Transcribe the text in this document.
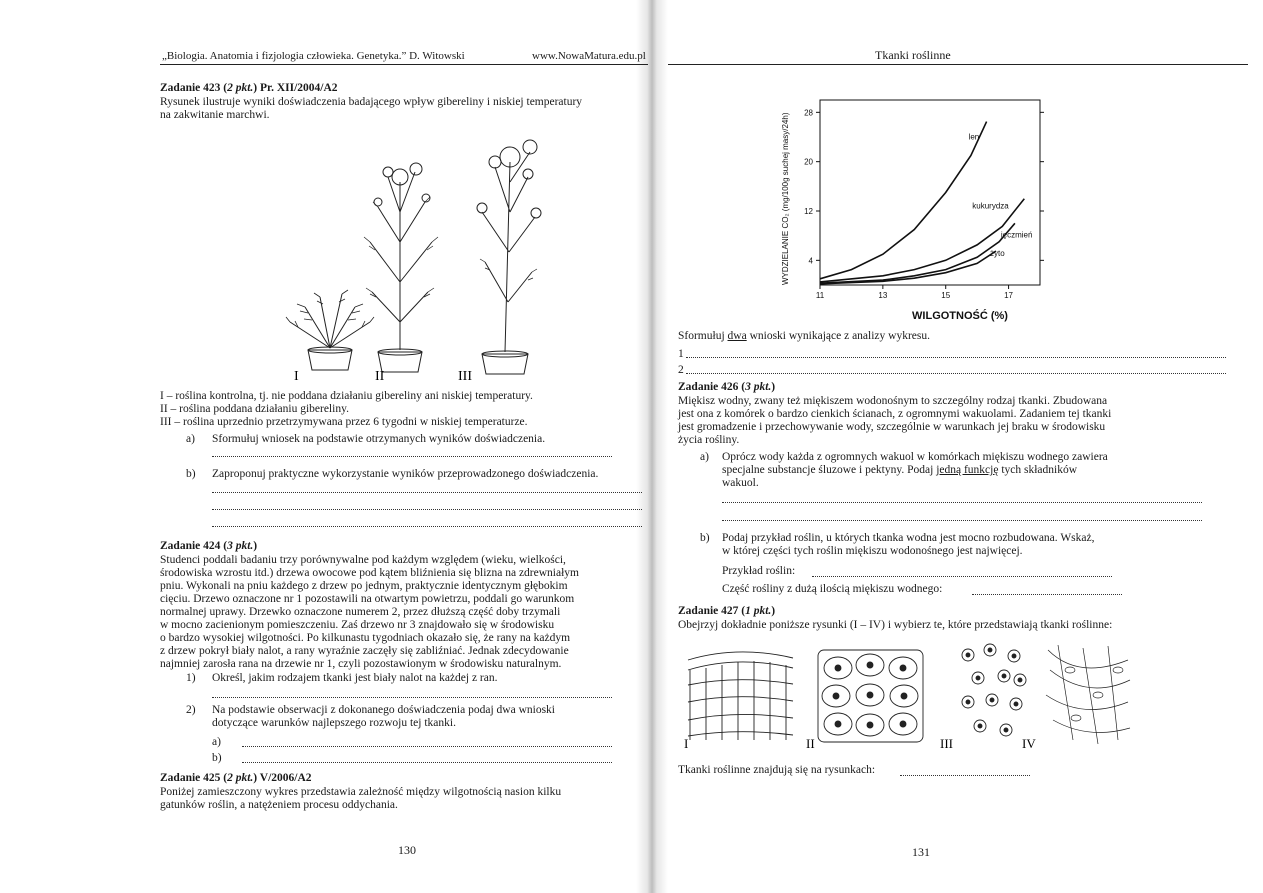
„Biologia. Anatomia i fizjologia człowieka. Genetyka.” D. Witowski	www.NowaMatura.edu.pl
Zadanie 423 (2 pkt.) Pr. XII/2004/A2
Rysunek ilustruje wyniki doświadczenia badającego wpływ gibereliny i niskiej temperatury
na zakwitanie marchwi.
I	II	III
I – roślina kontrolna, tj. nie poddana działaniu gibereliny ani niskiej temperatury.
II – roślina poddana działaniu gibereliny.
III – roślina uprzednio przetrzymywana przez 6 tygodni w niskiej temperaturze.
a) Sformułuj wniosek na podstawie otrzymanych wyników doświadczenia.
b) Zaproponuj praktyczne wykorzystanie wyników przeprowadzonego doświadczenia.
Zadanie 424 (3 pkt.)
Studenci poddali badaniu trzy porównywalne pod każdym względem (wieku, wielkości,
środowiska wzrostu itd.) drzewa owocowe pod kątem bliźnienia się blizna na zdrewniałym
pniu. Wykonali na pniu każdego z drzew po jednym, praktycznie identycznym głębokim
cięciu. Drzewo oznaczone nr 1 pozostawili na otwartym powietrzu, poddali go warunkom
normalnej uprawy. Drzewko oznaczone numerem 2, przez dłuższą część doby trzymali
w mocno zacienionym pomieszczeniu. Zaś drzewo nr 3 znajdowało się w środowisku
o bardzo wysokiej wilgotności. Po kilkunastu tygodniach okazało się, że rany na każdym
z drzew pokrył biały nalot, a rany wyraźnie zaczęły się zabliźniać. Jednak zdecydowanie
najmniej zarosła rana na drzewie nr 1, czyli pozostawionym w środowisku naturalnym.
1) Określ, jakim rodzajem tkanki jest biały nalot na każdej z ran.
2) Na podstawie obserwacji z dokonanego doświadczenia podaj dwa wnioski
dotyczące warunków najlepszego rozwoju tej tkanki.
a)
b)
Zadanie 425 (2 pkt.) V/2006/A2
Poniżej zamieszczony wykres przedstawia zależność między wilgotnością nasion kilku
gatunków roślin, a natężeniem procesu oddychania.
130
Tkanki roślinne
11	13	15	17
4
12
20
28
len
kukurydza
jęczmień
żyto
WYDZIELANIE CO₂ (mg/100g suchej masy/24h)
WILGOTNOŚĆ (%)
Sformułuj dwa wnioski wynikające z analizy wykresu.
1
2
Zadanie 426 (3 pkt.)
Miękisz wodny, zwany też miękiszem wodonośnym to szczególny rodzaj tkanki. Zbudowana
jest ona z komórek o bardzo cienkich ścianach, z ogromnymi wakuolami. Zadaniem tej tkanki
jest gromadzenie i przechowywanie wody, szczególnie w warunkach jej braku w środowisku
życia rośliny.
a) Oprócz wody każda z ogromnych wakuol w komórkach miękiszu wodnego zawiera
specjalne substancje śluzowe i pektyny. Podaj jedną funkcję tych składników
wakuol.
b) Podaj przykład roślin, u których tkanka wodna jest mocno rozbudowana. Wskaż,
w której części tych roślin miękiszu wodonośnego jest najwięcej.
Przykład roślin:
Część rośliny z dużą ilością miękiszu wodnego:
Zadanie 427 (1 pkt.)
Obejrzyj dokładnie poniższe rysunki (I – IV) i wybierz te, które przedstawiają tkanki roślinne:
I	II	III	IV
Tkanki roślinne znajdują się na rysunkach:
131
